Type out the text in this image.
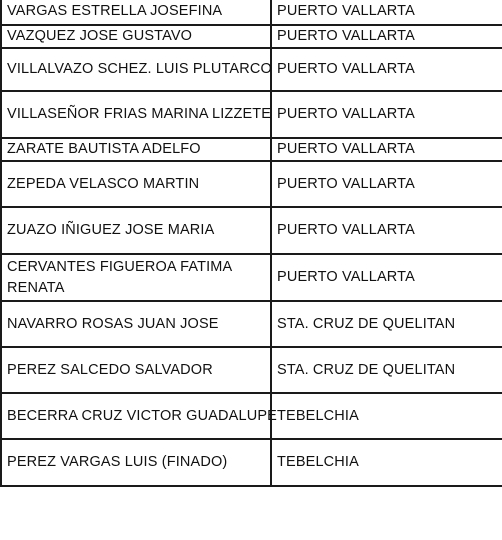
VARGAS ESTRELLA JOSEFINA	PUERTO VALLARTA
VAZQUEZ JOSE GUSTAVO	PUERTO VALLARTA
VILLALVAZO SCHEZ. LUIS PLUTARCO	PUERTO VALLARTA
VILLASEÑOR FRIAS MARINA LIZZETE	PUERTO VALLARTA
ZARATE BAUTISTA ADELFO	PUERTO VALLARTA
ZEPEDA VELASCO MARTIN	PUERTO VALLARTA
ZUAZO IÑIGUEZ JOSE MARIA	PUERTO VALLARTA
CERVANTES FIGUEROA FATIMA RENATA	PUERTO VALLARTA
NAVARRO ROSAS JUAN JOSE	STA. CRUZ DE QUELITAN
PEREZ SALCEDO SALVADOR	STA. CRUZ DE QUELITAN
BECERRA CRUZ VICTOR GUADALUPE	TEBELCHIA
PEREZ VARGAS LUIS (FINADO)	TEBELCHIA
